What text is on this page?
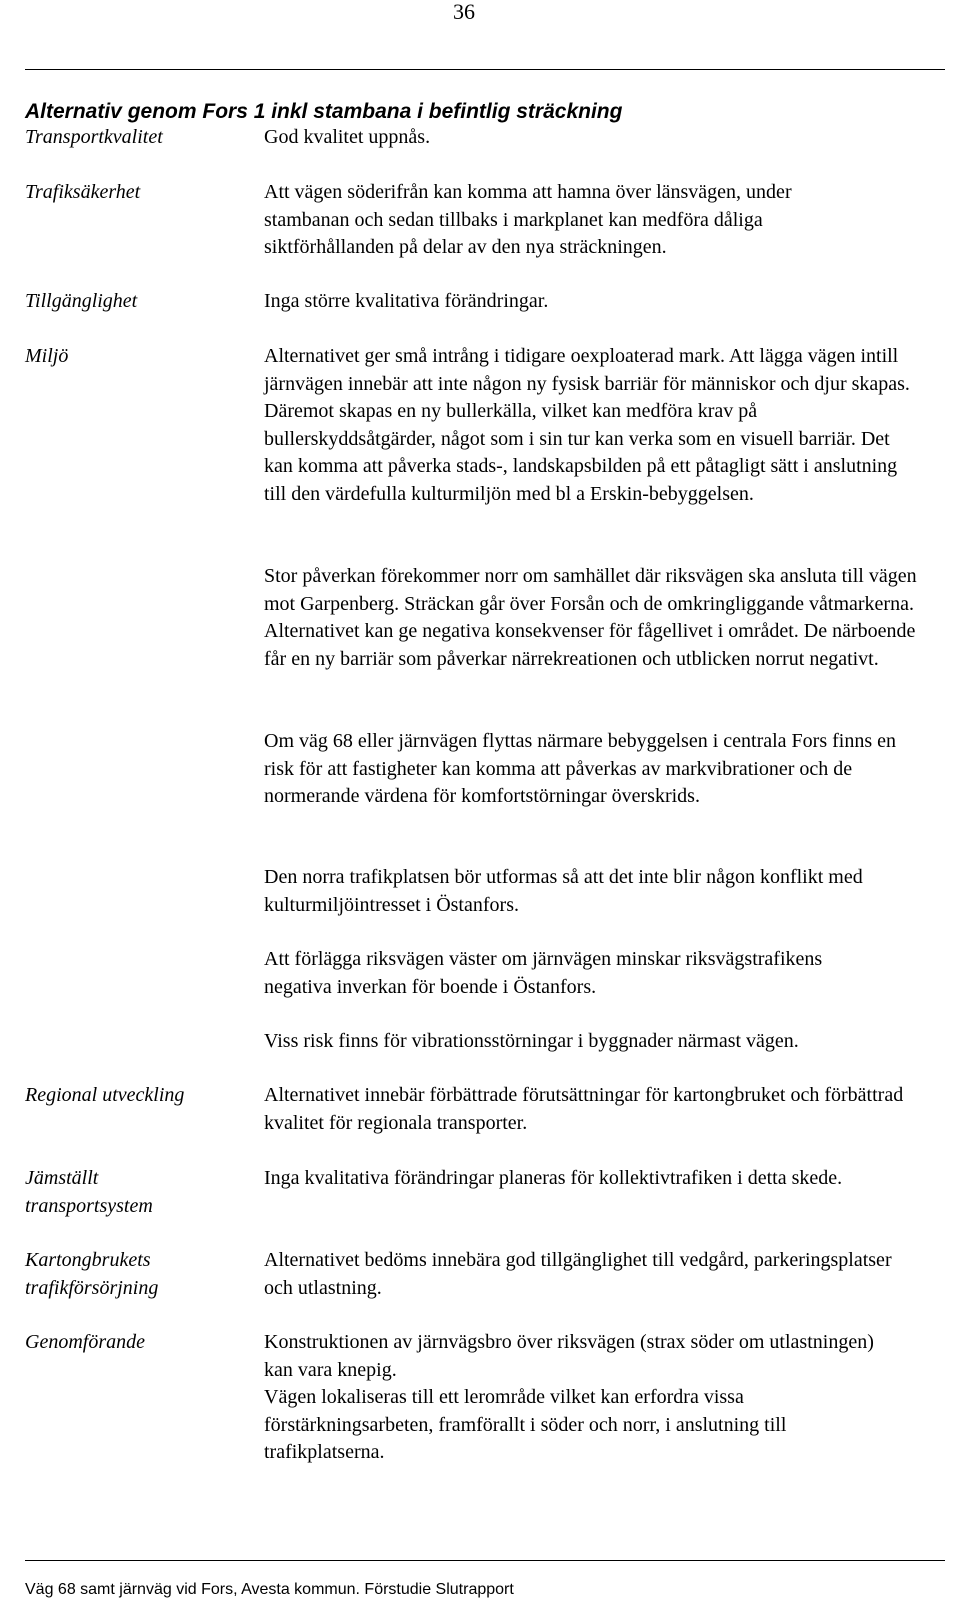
36
Alternativ genom Fors 1 inkl stambana i befintlig sträckning
Transportkvalitet
Trafiksäkerhet
Tillgänglighet
Miljö
Regional utveckling
Jämställt transportsystem
Kartongbrukets trafikförsörjning
Genomförande

God kvalitet uppnås.

Att vägen söderifrån kan komma att hamna över länsvägen, under stambanan och sedan tillbaks i markplanet kan medföra dåliga siktförhållanden på delar av den nya sträckningen.

Inga större kvalitativa förändringar.

Alternativet ger små intrång i tidigare oexploaterad mark. Att lägga vägen intill järnvägen innebär att inte någon ny fysisk barriär för människor och djur skapas. Däremot skapas en ny bullerkälla, vilket kan medföra krav på bullerskyddsåtgärder, något som i sin tur kan verka som en visuell barriär. Det kan komma att påverka stads-, landskapsbilden på ett påtagligt sätt i anslutning till den värdefulla kulturmiljön med bl a Erskin-bebyggelsen.

Stor påverkan förekommer norr om samhället där riksvägen ska ansluta till vägen mot Garpenberg. Sträckan går över Forsån och de omkringliggande våtmarkerna. Alternativet kan ge negativa konsekvenser för fågellivet i området. De närboende får en ny barriär som påverkar närrekreationen och utblicken norrut negativt.

Om väg 68 eller järnvägen flyttas närmare bebyggelsen i centrala Fors finns en risk för att fastigheter kan komma att påverkas av markvibrationer och de normerande värdena för komfortstörningar överskrids.

Den norra trafikplatsen bör utformas så att det inte blir någon konflikt med kulturmiljöintresset i Östanfors.

Att förlägga riksvägen väster om järnvägen minskar riksvägstrafikens negativa inverkan för boende i Östanfors.

Viss risk finns för vibrationsstörningar i byggnader närmast vägen.

Alternativet innebär förbättrade förutsättningar för kartongbruket och förbättrad kvalitet för regionala transporter.

Inga kvalitativa förändringar planeras för kollektivtrafiken i detta skede.

Alternativet bedöms innebära god tillgänglighet till vedgård, parkeringsplatser och utlastning.

Konstruktionen av järnvägsbro över riksvägen (strax söder om utlastningen) kan vara knepig.

Vägen lokaliseras till ett lerområde vilket kan erfordra vissa förstärkningsarbeten, framförallt i söder och norr, i anslutning till trafikplatserna.

Väg 68 samt järnväg vid Fors, Avesta kommun. Förstudie Slutrapport
